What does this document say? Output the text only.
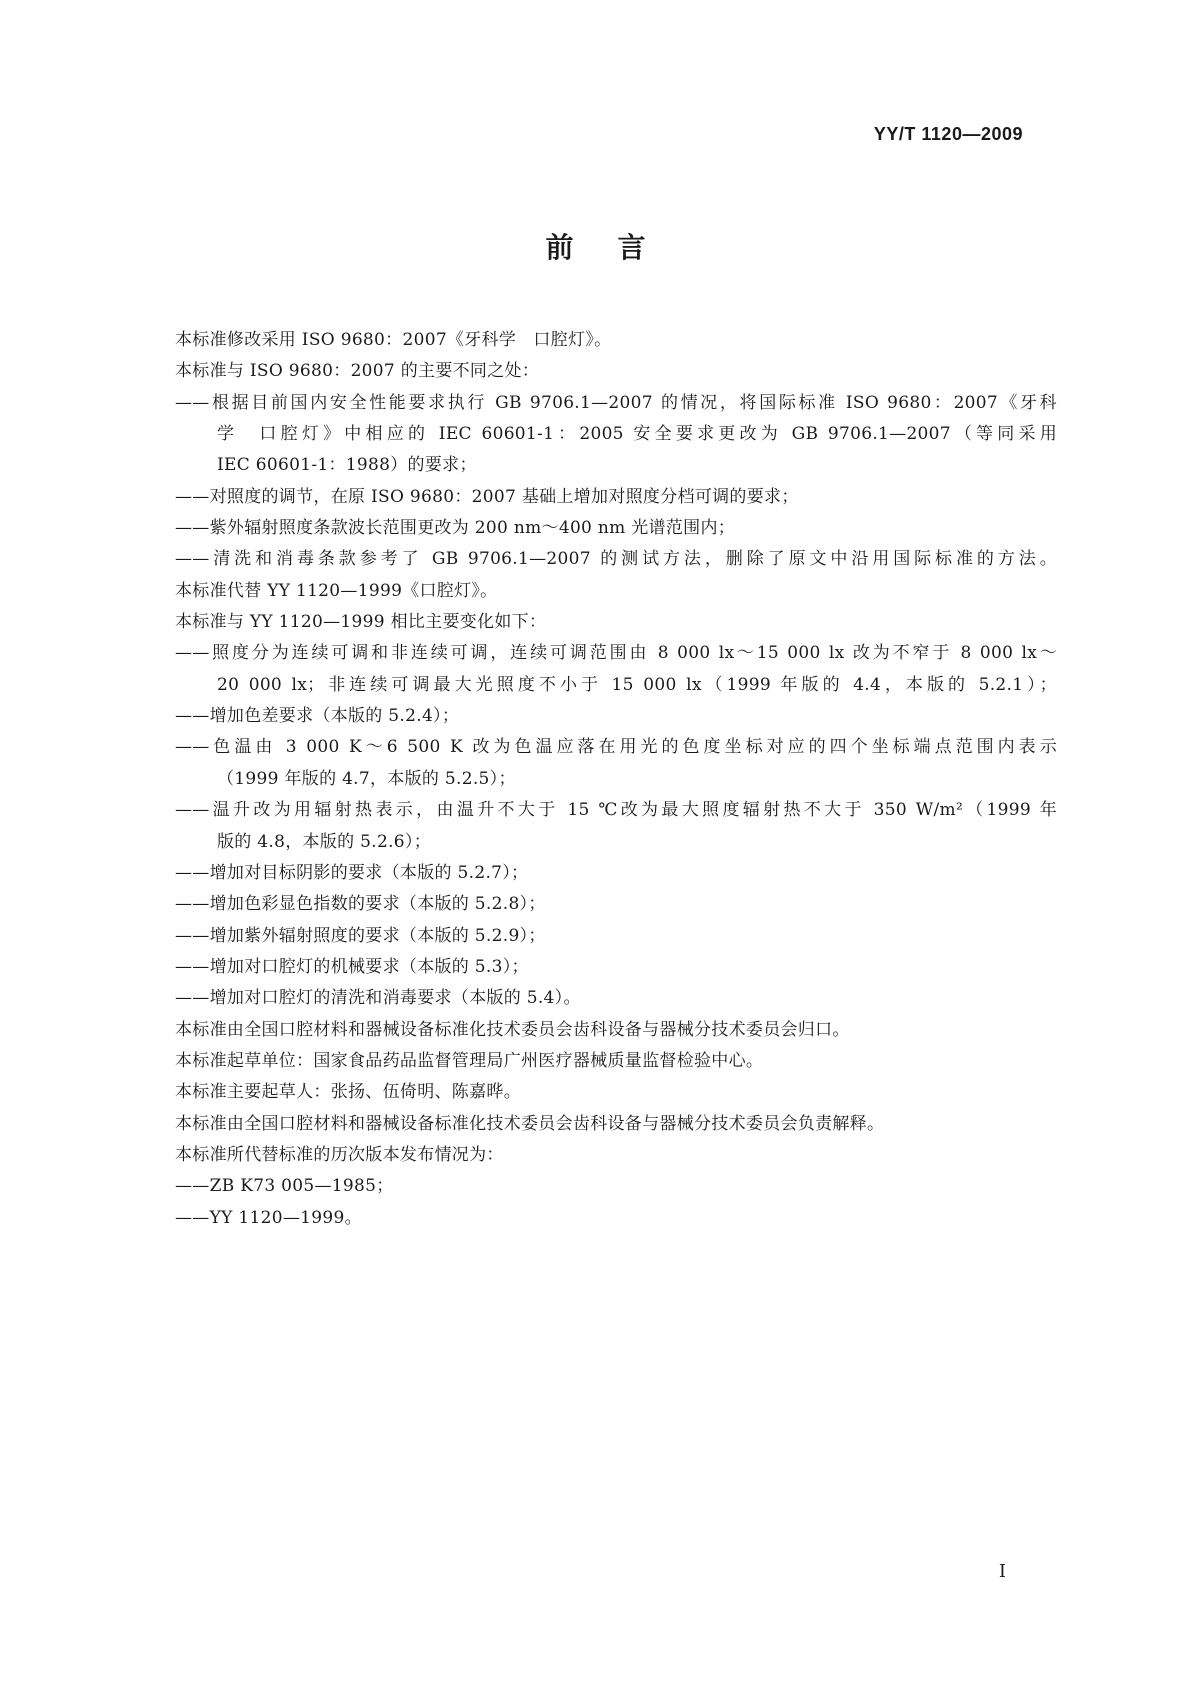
YY/T 1120—2009
前言
本标准修改采用 ISO 9680：2007《牙科学　口腔灯》。
本标准与 ISO 9680：2007 的主要不同之处：
——根据目前国内安全性能要求执行 GB 9706.1—2007 的情况，将国际标准 ISO 9680：2007《牙科
学　口腔灯》中相应的 IEC 60601-1：2005 安全要求更改为 GB 9706.1—2007（等同采用
IEC 60601-1：1988）的要求；
——对照度的调节，在原 ISO 9680：2007 基础上增加对照度分档可调的要求；
——紫外辐射照度条款波长范围更改为 200 nm～400 nm 光谱范围内；
——清洗和消毒条款参考了 GB 9706.1—2007 的测试方法，删除了原文中沿用国际标准的方法。
本标准代替 YY 1120—1999《口腔灯》。
本标准与 YY 1120—1999 相比主要变化如下：
——照度分为连续可调和非连续可调，连续可调范围由 8 000 lx～15 000 lx 改为不窄于 8 000 lx～
20 000 lx；非连续可调最大光照度不小于 15 000 lx（1999 年版的 4.4，本版的 5.2.1）；
——增加色差要求（本版的 5.2.4）；
——色温由 3 000 K～6 500 K 改为色温应落在用光的色度坐标对应的四个坐标端点范围内表示
（1999 年版的 4.7，本版的 5.2.5）；
——温升改为用辐射热表示，由温升不大于 15 ℃改为最大照度辐射热不大于 350 W/m²（1999 年
版的 4.8，本版的 5.2.6）；
——增加对目标阴影的要求（本版的 5.2.7）；
——增加色彩显色指数的要求（本版的 5.2.8）；
——增加紫外辐射照度的要求（本版的 5.2.9）；
——增加对口腔灯的机械要求（本版的 5.3）；
——增加对口腔灯的清洗和消毒要求（本版的 5.4）。
本标准由全国口腔材料和器械设备标准化技术委员会齿科设备与器械分技术委员会归口。
本标准起草单位：国家食品药品监督管理局广州医疗器械质量监督检验中心。
本标准主要起草人：张扬、伍倚明、陈嘉晔。
本标准由全国口腔材料和器械设备标准化技术委员会齿科设备与器械分技术委员会负责解释。
本标准所代替标准的历次版本发布情况为：
——ZB K73 005—1985；
——YY 1120—1999。
I
